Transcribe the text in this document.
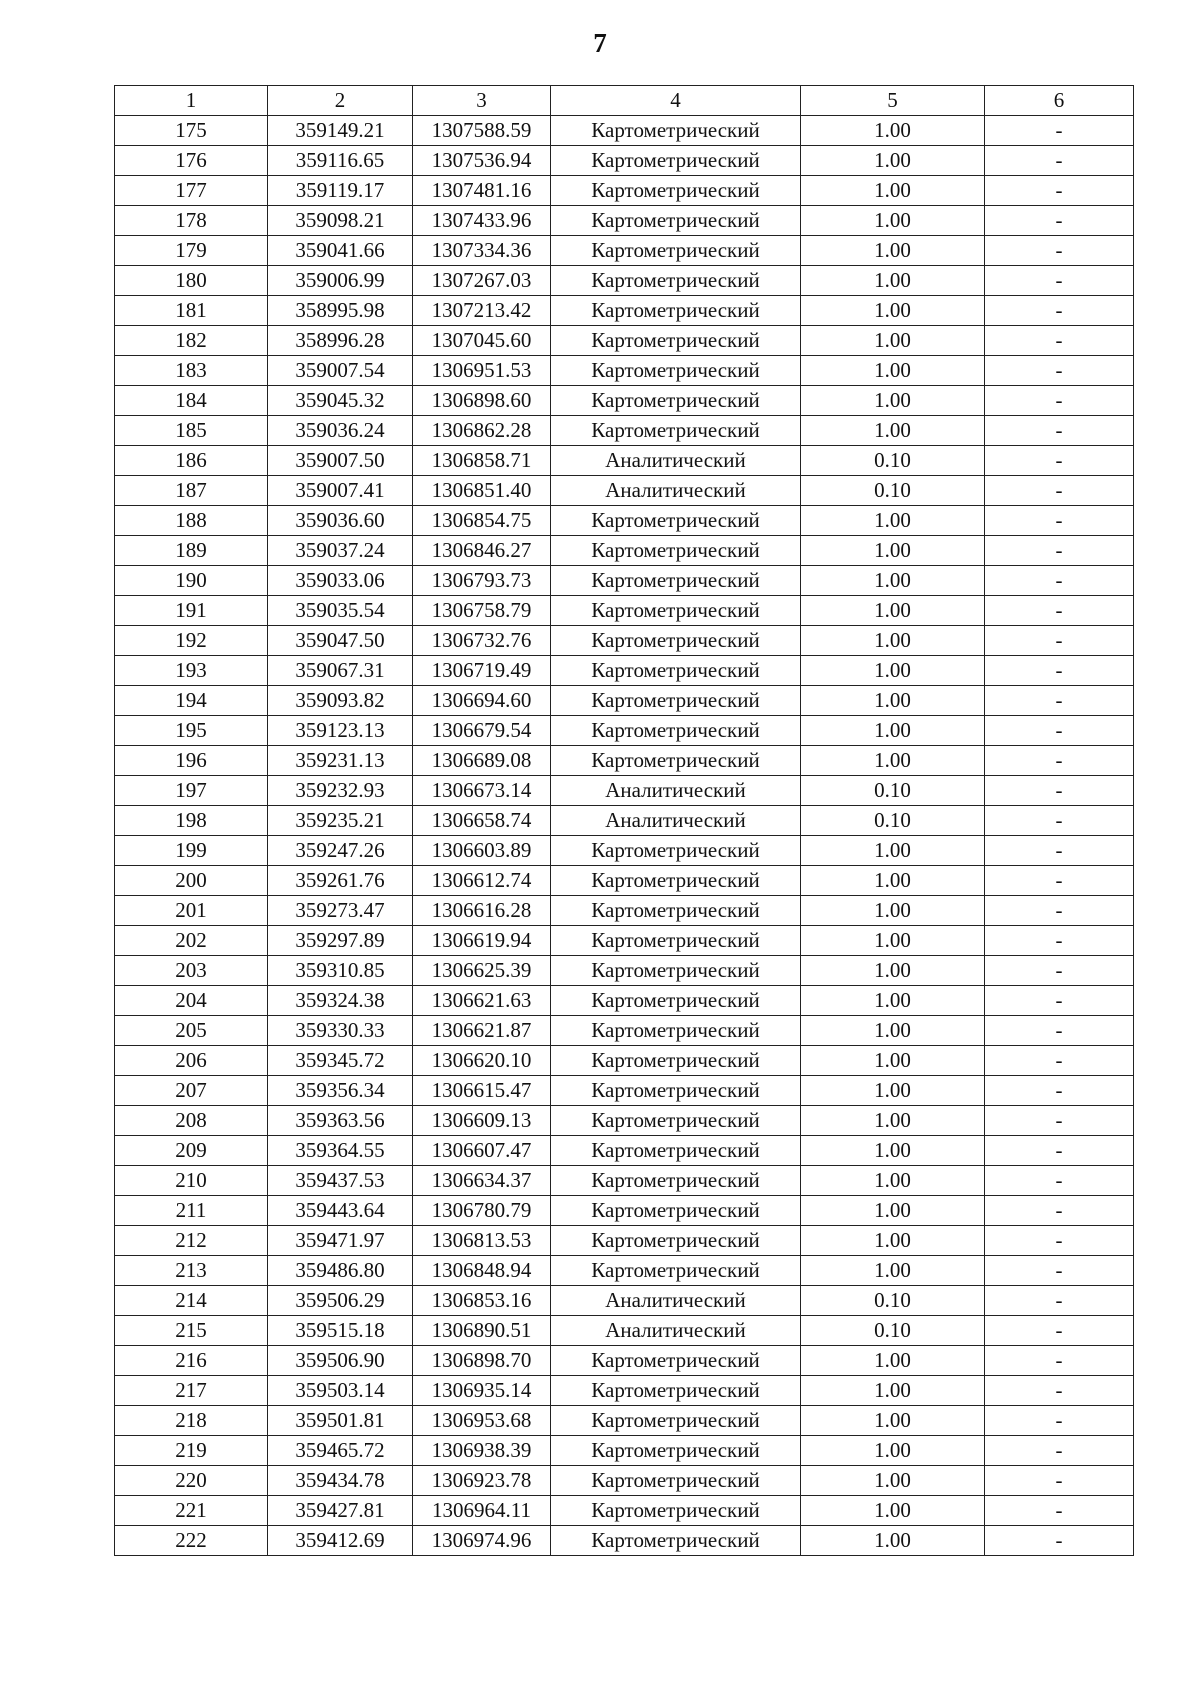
7
1	2	3	4	5	6
175	359149.21	1307588.59	Картометрический	1.00	-
176	359116.65	1307536.94	Картометрический	1.00	-
177	359119.17	1307481.16	Картометрический	1.00	-
178	359098.21	1307433.96	Картометрический	1.00	-
179	359041.66	1307334.36	Картометрический	1.00	-
180	359006.99	1307267.03	Картометрический	1.00	-
181	358995.98	1307213.42	Картометрический	1.00	-
182	358996.28	1307045.60	Картометрический	1.00	-
183	359007.54	1306951.53	Картометрический	1.00	-
184	359045.32	1306898.60	Картометрический	1.00	-
185	359036.24	1306862.28	Картометрический	1.00	-
186	359007.50	1306858.71	Аналитический	0.10	-
187	359007.41	1306851.40	Аналитический	0.10	-
188	359036.60	1306854.75	Картометрический	1.00	-
189	359037.24	1306846.27	Картометрический	1.00	-
190	359033.06	1306793.73	Картометрический	1.00	-
191	359035.54	1306758.79	Картометрический	1.00	-
192	359047.50	1306732.76	Картометрический	1.00	-
193	359067.31	1306719.49	Картометрический	1.00	-
194	359093.82	1306694.60	Картометрический	1.00	-
195	359123.13	1306679.54	Картометрический	1.00	-
196	359231.13	1306689.08	Картометрический	1.00	-
197	359232.93	1306673.14	Аналитический	0.10	-
198	359235.21	1306658.74	Аналитический	0.10	-
199	359247.26	1306603.89	Картометрический	1.00	-
200	359261.76	1306612.74	Картометрический	1.00	-
201	359273.47	1306616.28	Картометрический	1.00	-
202	359297.89	1306619.94	Картометрический	1.00	-
203	359310.85	1306625.39	Картометрический	1.00	-
204	359324.38	1306621.63	Картометрический	1.00	-
205	359330.33	1306621.87	Картометрический	1.00	-
206	359345.72	1306620.10	Картометрический	1.00	-
207	359356.34	1306615.47	Картометрический	1.00	-
208	359363.56	1306609.13	Картометрический	1.00	-
209	359364.55	1306607.47	Картометрический	1.00	-
210	359437.53	1306634.37	Картометрический	1.00	-
211	359443.64	1306780.79	Картометрический	1.00	-
212	359471.97	1306813.53	Картометрический	1.00	-
213	359486.80	1306848.94	Картометрический	1.00	-
214	359506.29	1306853.16	Аналитический	0.10	-
215	359515.18	1306890.51	Аналитический	0.10	-
216	359506.90	1306898.70	Картометрический	1.00	-
217	359503.14	1306935.14	Картометрический	1.00	-
218	359501.81	1306953.68	Картометрический	1.00	-
219	359465.72	1306938.39	Картометрический	1.00	-
220	359434.78	1306923.78	Картометрический	1.00	-
221	359427.81	1306964.11	Картометрический	1.00	-
222	359412.69	1306974.96	Картометрический	1.00	-
